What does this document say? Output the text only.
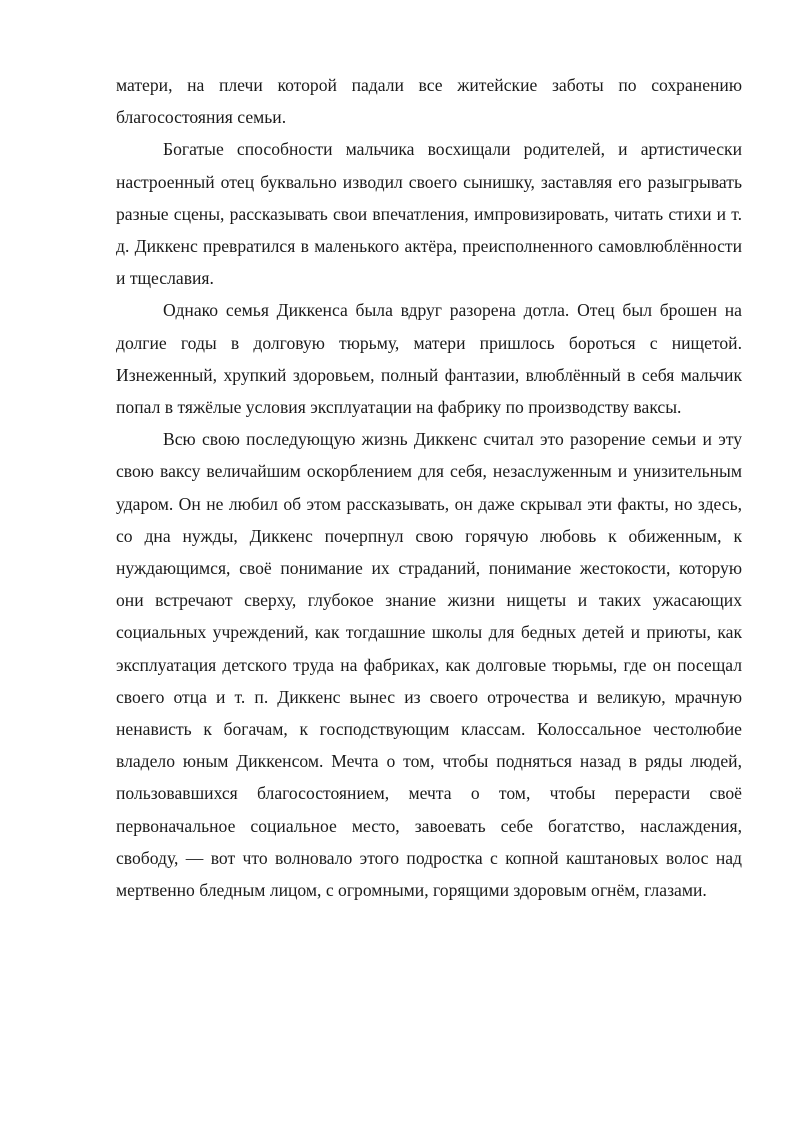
матери, на плечи которой падали все житейские заботы по сохранению благосостояния семьи.

Богатые способности мальчика восхищали родителей, и артистически настроенный отец буквально изводил своего сынишку, заставляя его разыгрывать разные сцены, рассказывать свои впечатления, импровизировать, читать стихи и т. д. Диккенс превратился в маленького актёра, преисполненного самовлюблённости и тщеславия.

Однако семья Диккенса была вдруг разорена дотла. Отец был брошен на долгие годы в долговую тюрьму, матери пришлось бороться с нищетой. Изнеженный, хрупкий здоровьем, полный фантазии, влюблённый в себя мальчик попал в тяжёлые условия эксплуатации на фабрику по производству ваксы.

Всю свою последующую жизнь Диккенс считал это разорение семьи и эту свою ваксу величайшим оскорблением для себя, незаслуженным и унизительным ударом. Он не любил об этом рассказывать, он даже скрывал эти факты, но здесь, со дна нужды, Диккенс почерпнул свою горячую любовь к обиженным, к нуждающимся, своё понимание их страданий, понимание жестокости, которую они встречают сверху, глубокое знание жизни нищеты и таких ужасающих социальных учреждений, как тогдашние школы для бедных детей и приюты, как эксплуатация детского труда на фабриках, как долговые тюрьмы, где он посещал своего отца и т. п. Диккенс вынес из своего отрочества и великую, мрачную ненависть к богачам, к господствующим классам. Колоссальное честолюбие владело юным Диккенсом. Мечта о том, чтобы подняться назад в ряды людей, пользовавшихся благосостоянием, мечта о том, чтобы перерасти своё первоначальное социальное место, завоевать себе богатство, наслаждения, свободу, — вот что волновало этого подростка с копной каштановых волос над мертвенно бледным лицом, с огромными, горящими здоровым огнём, глазами.
